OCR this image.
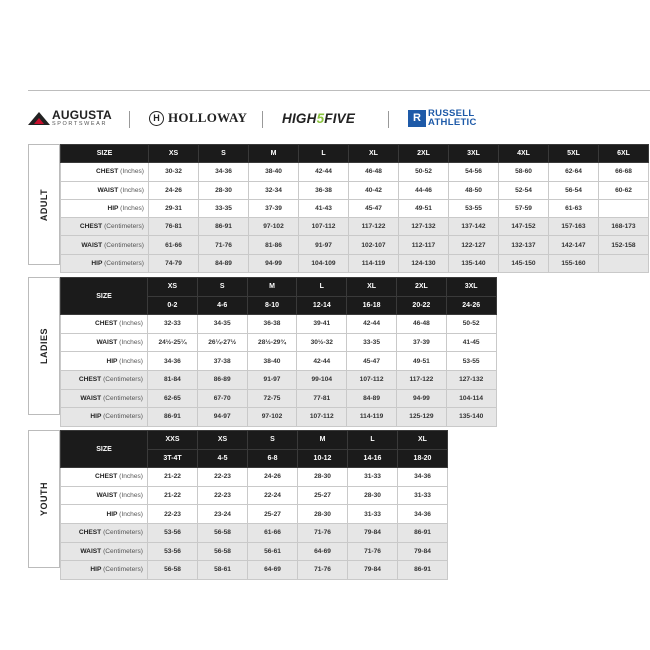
AUGUSTA
SPORTSWEAR
H HOLLOWAY	HIGH 5 FIVE	R RUSSELL
ATHLETIC
ADULT
SIZE	XS	S	M	L	XL	2XL	3XL	4XL	5XL	6XL
CHEST (Inches)	30-32	34-36	38-40	42-44	46-48	50-52	54-56	58-60	62-64	66-68
WAIST (Inches)	24-26	28-30	32-34	36-38	40-42	44-46	48-50	52-54	56-54	60-62
HIP (Inches)	29-31	33-35	37-39	41-43	45-47	49-51	53-55	57-59	61-63	
CHEST (Centimeters)	76-81	86-91	97-102	107-112	117-122	127-132	137-142	147-152	157-163	168-173
WAIST (Centimeters)	61-66	71-76	81-86	91-97	102-107	112-117	122-127	132-137	142-147	152-158
HIP (Centimeters)	74-79	84-89	94-99	104-109	114-119	124-130	135-140	145-150	155-160	
LADIES
SIZE	XS	S	M	L	XL	2XL	3XL
	0-2	4-6	8-10	12-14	16-18	20-22	24-26
CHEST (Inches)	32-33	34-35	36-38	39-41	42-44	46-48	50-52
WAIST (Inches)	24½-25¼	26¼-27½	28½-29¾	30½-32	33-35	37-39	41-45
HIP (Inches)	34-36	37-38	38-40	42-44	45-47	49-51	53-55
CHEST (Centimeters)	81-84	86-89	91-97	99-104	107-112	117-122	127-132
WAIST (Centimeters)	62-65	67-70	72-75	77-81	84-89	94-99	104-114
HIP (Centimeters)	86-91	94-97	97-102	107-112	114-119	125-129	135-140
YOUTH
SIZE	XXS	XS	S	M	L	XL
	3T-4T	4-5	6-8	10-12	14-16	18-20
CHEST (Inches)	21-22	22-23	24-26	28-30	31-33	34-36
WAIST (Inches)	21-22	22-23	22-24	25-27	28-30	31-33
HIP (Inches)	22-23	23-24	25-27	28-30	31-33	34-36
CHEST (Centimeters)	53-56	56-58	61-66	71-76	79-84	86-91
WAIST (Centimeters)	53-56	56-58	56-61	64-69	71-76	79-84
HIP (Centimeters)	56-58	58-61	64-69	71-76	79-84	86-91
